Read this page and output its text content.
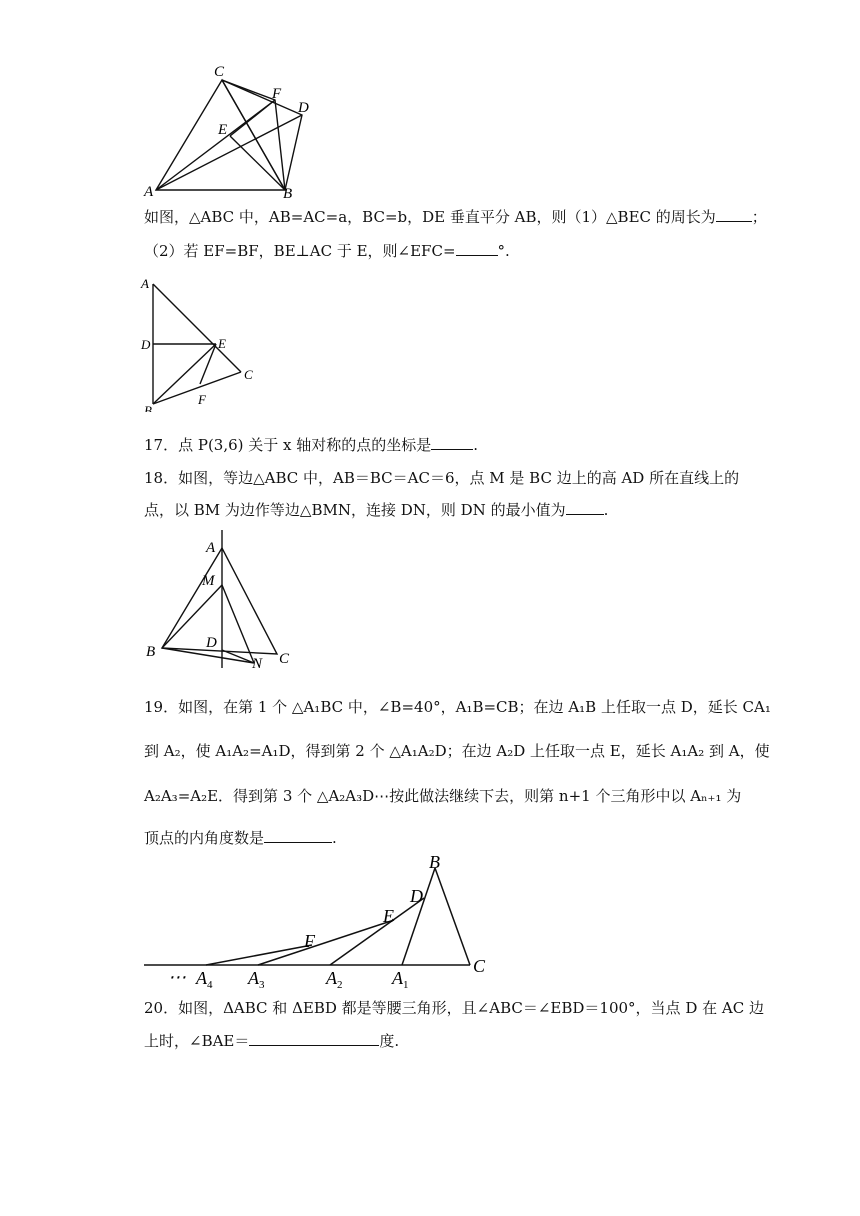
C
F
D
E
A	B
如图，△ABC 中，AB=AC=a，BC=b，DE 垂直平分 AB，则（1）△BEC 的周长为 ；
（2）若 EF=BF，BE⊥AC 于 E，则∠EFC=	°.
A
D	E
C
B
F
17．点 P(3,6) 关于 x 轴对称的点的坐标是	.
18．如图，等边△ABC 中，AB＝BC＝AC＝6，点 M 是 BC 边上的高 AD 所在直线上的
点，以 BM 为边作等边△BMN，连接 DN，则 DN 的最小值为	.
A
M
B
D
N C
19．如图，在第 1 个 △A₁BC 中，∠B=40°，A₁B=CB；在边 A₁B 上任取一点 D，延长 CA₁
到 A₂，使 A₁A₂=A₁D，得到第 2 个 △A₁A₂D；在边 A₂D 上任取一点 E，延长 A₁A₂ 到 A，使
A₂A₃=A₂E．得到第 3 个 △A₂A₃D⋯按此做法继续下去，则第 n+1 个三角形中以 Aₙ₊₁ 为
顶点的内角度数是	.
B
D
E
F
C
⋯ $A_4$ $A_3$	$A_2$	$A_1$
20．如图，ΔABC 和 ΔEBD 都是等腰三角形，且∠ABC＝∠EBD＝100°，当点 D 在 AC 边
上时，∠BAE＝	度.
